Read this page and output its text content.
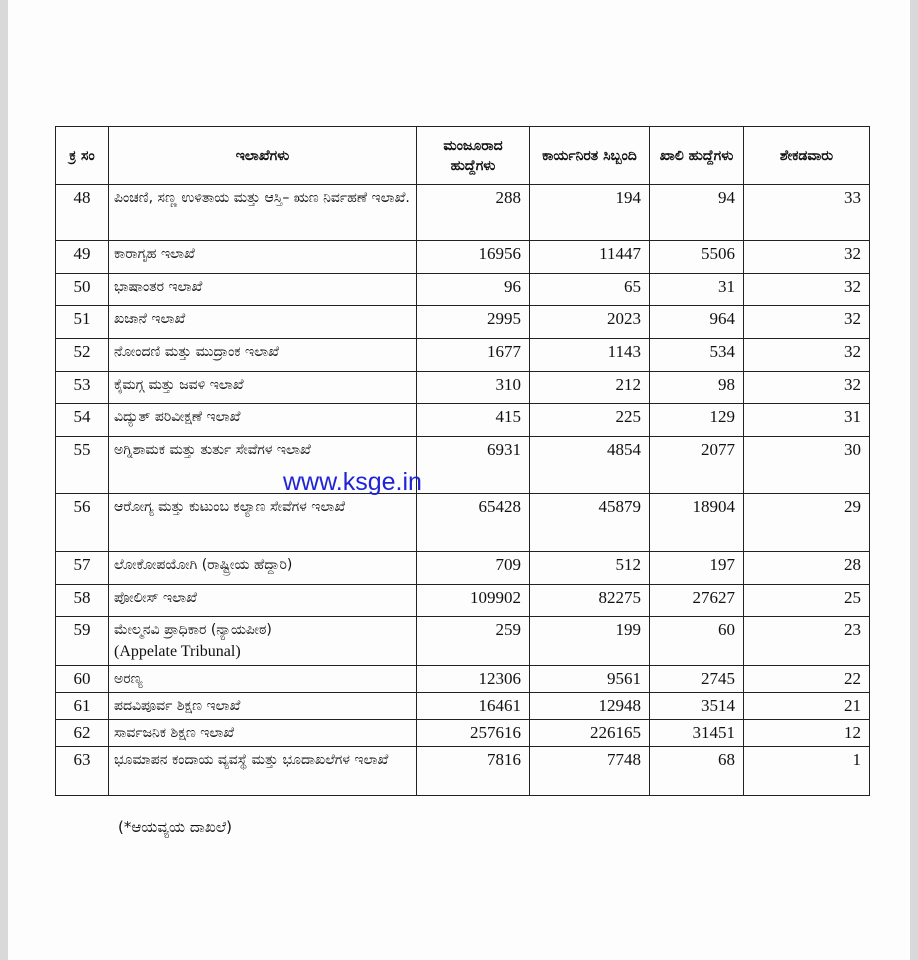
ಕ್ರ ಸಂ	ಇಲಾಖೆಗಳು	ಮಂಜೂರಾದ ಹುದ್ದೆಗಳು	ಕಾರ್ಯನಿರತ ಸಿಬ್ಬಂದಿ	ಖಾಲಿ ಹುದ್ದೆಗಳು	ಶೇಕಡವಾರು
48	ಪಿಂಚಣಿ, ಸಣ್ಣ ಉಳಿತಾಯ ಮತ್ತು ಆಸ್ತಿ– ಋಣ ನಿರ್ವಹಣೆ ಇಲಾಖೆ.	288	194	94	33
49	ಕಾರಾಗೃಹ ಇಲಾಖೆ	16956	11447	5506	32
50	ಭಾಷಾಂತರ ಇಲಾಖೆ	96	65	31	32
51	ಖಜಾನೆ ಇಲಾಖೆ	2995	2023	964	32
52	ನೋಂದಣಿ ಮತ್ತು ಮುದ್ರಾಂಕ ಇಲಾಖೆ	1677	1143	534	32
53	ಕೈಮಗ್ಗ ಮತ್ತು ಜವಳಿ ಇಲಾಖೆ	310	212	98	32
54	ವಿದ್ಯುತ್ ಪರಿವೀಕ್ಷಣೆ ಇಲಾಖೆ	415	225	129	31
55	ಅಗ್ನಿಶಾಮಕ ಮತ್ತು ತುರ್ತು ಸೇವೆಗಳ ಇಲಾಖೆ	6931	4854	2077	30
56	ಆರೋಗ್ಯ ಮತ್ತು ಕುಟುಂಬ ಕಲ್ಯಾಣ ಸೇವೆಗಳ ಇಲಾಖೆ	65428	45879	18904	29
57	ಲೋಕೋಪಯೋಗಿ (ರಾಷ್ಟ್ರೀಯ ಹೆದ್ದಾರಿ)	709	512	197	28
58	ಪೋಲೀಸ್ ಇಲಾಖೆ	109902	82275	27627	25
59	ಮೇಲ್ಮನವಿ ಪ್ರಾಧಿಕಾರ (ನ್ಯಾಯಪೀಠ)
(Appelate Tribunal)	259	199	60	23
60	ಅರಣ್ಯ	12306	9561	2745	22
61	ಪದವಿಪೂರ್ವ ಶಿಕ್ಷಣ ಇಲಾಖೆ	16461	12948	3514	21
62	ಸಾರ್ವಜನಿಕ ಶಿಕ್ಷಣ ಇಲಾಖೆ	257616	226165	31451	12
63	ಭೂಮಾಪನ ಕಂದಾಯ ವ್ಯವಸ್ಥೆ ಮತ್ತು ಭೂದಾಖಲೆಗಳ ಇಲಾಖೆ	7816	7748	68	1
(*ಆಯವ್ಯಯ ದಾಖಲೆ)
www.ksge.in
